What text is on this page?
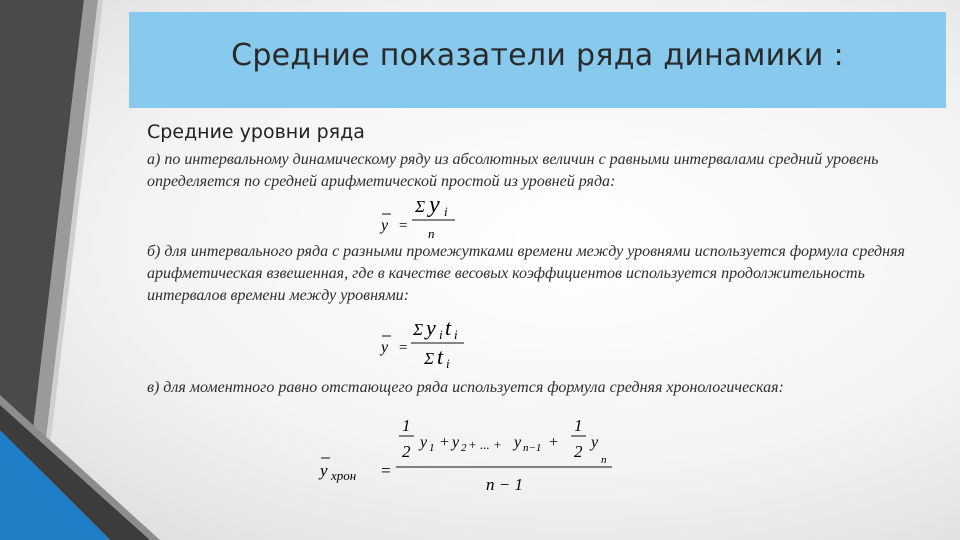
Средние показатели ряда динамики :
Средние уровни ряда
а) по интервальному динамическому ряду из абсолютных величин с равными интервалами средний уровень определяется по средней арифметической простой из уровней ряда:
y =
Σ y i
n
б) для интервального ряда с разными промежутками времени между уровнями используется формула средняя арифметическая взвешенная, где в качестве весовых коэффициентов используется продолжительность интервалов времени между уровнями:
y =
Σ y i t i
Σ t i
в) для моментного равно отстающего ряда используется формула средняя хронологическая:
y хрон =
1
2 y 1 + y 2 + ... + y n−1 +
1
2 y
n
n − 1
